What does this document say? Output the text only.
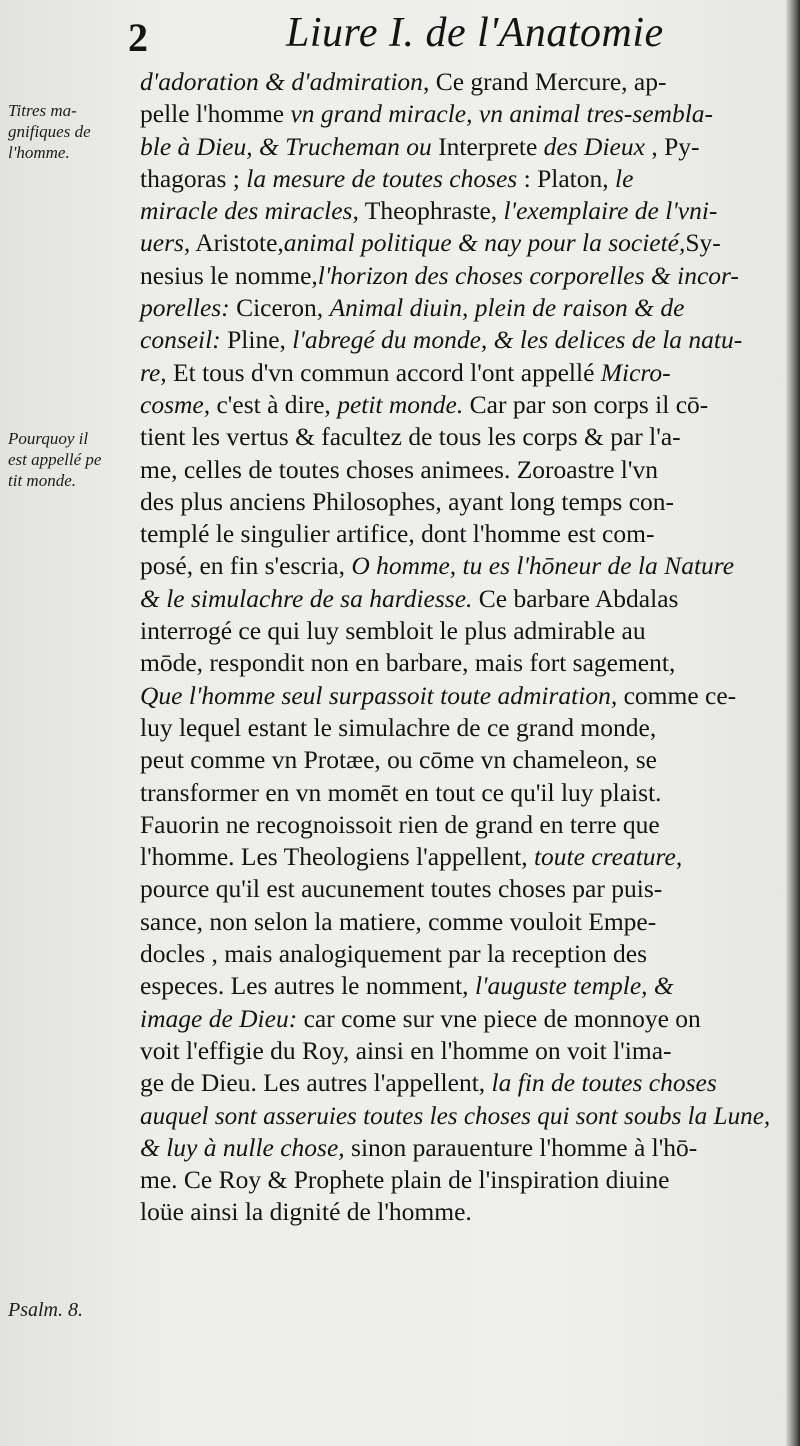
2	Liure I. de l'Anatomie
Titres ma-
gnifiques de
l'homme.
Pourquoy il
est appellé pe
tit monde.
Psalm. 8.
d'adoration & d'admiration, Ce grand Mercure, ap-
pelle l'homme vn grand miracle, vn animal tres-sembla-
ble à Dieu, & Trucheman ou Interprete des Dieux , Py-
thagoras ; la mesure de toutes choses : Platon, le
miracle des miracles, Theophraste, l'exemplaire de l'vni-
uers, Aristote,animal politique & nay pour la societé,Sy-
nesius le nomme,l'horizon des choses corporelles & incor-
porelles: Ciceron, Animal diuin, plein de raison & de
conseil: Pline, l'abregé du monde, & les delices de la natu-
re, Et tous d'vn commun accord l'ont appellé Micro-
cosme, c'est à dire, petit monde. Car par son corps il cō-
tient les vertus & facultez de tous les corps & par l'a-
me, celles de toutes choses animees. Zoroastre l'vn
des plus anciens Philosophes, ayant long temps con-
templé le singulier artifice, dont l'homme est com-
posé, en fin s'escria, O homme, tu es l'hōneur de la Nature
& le simulachre de sa hardiesse. Ce barbare Abdalas
interrogé ce qui luy sembloit le plus admirable au
mōde, respondit non en barbare, mais fort sagement,
Que l'homme seul surpassoit toute admiration, comme ce-
luy lequel estant le simulachre de ce grand monde,
peut comme vn Protæe, ou cōme vn chameleon, se
transformer en vn momēt en tout ce qu'il luy plaist.
Fauorin ne recognoissoit rien de grand en terre que
l'homme. Les Theologiens l'appellent, toute creature,
pource qu'il est aucunement toutes choses par puis-
sance, non selon la matiere, comme vouloit Empe-
docles , mais analogiquement par la reception des
especes. Les autres le nomment, l'auguste temple, &
image de Dieu: car come sur vne piece de monnoye on
voit l'effigie du Roy, ainsi en l'homme on voit l'ima-
ge de Dieu. Les autres l'appellent, la fin de toutes choses
auquel sont asseruies toutes les choses qui sont soubs la Lune,
& luy à nulle chose, sinon parauenture l'homme à l'hō-
me. Ce Roy & Prophete plain de l'inspiration diuine
loüe ainsi la dignité de l'homme.
